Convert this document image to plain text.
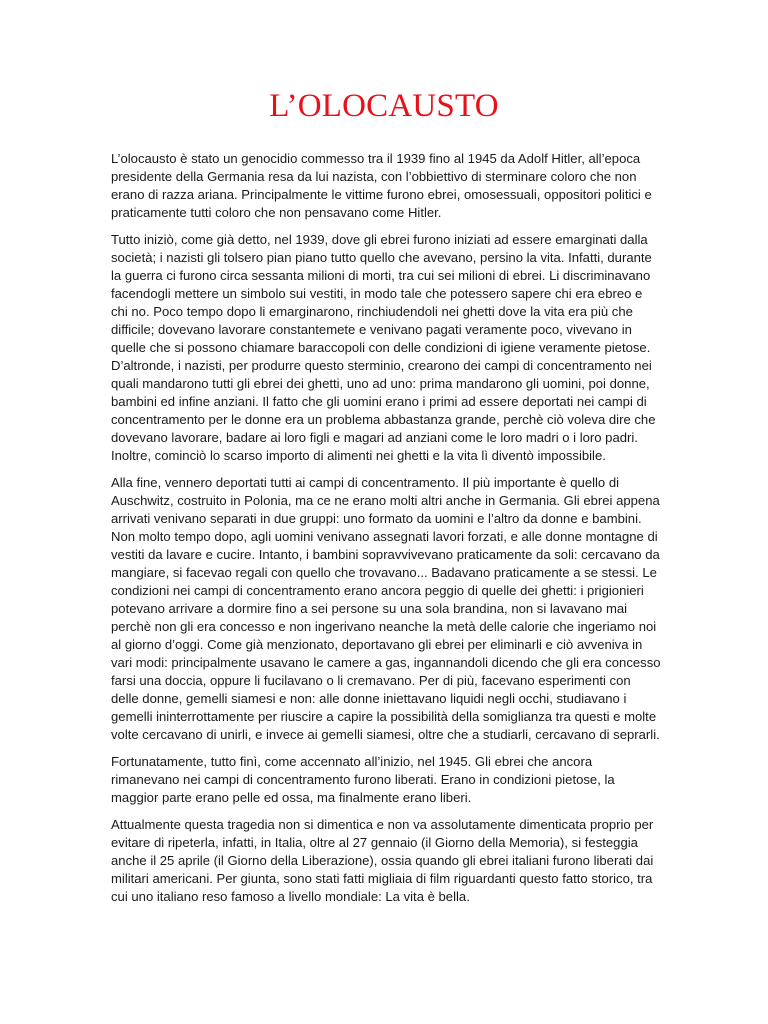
L’OLOCAUSTO

L’olocausto è stato un genocidio commesso tra il 1939 fino al 1945 da Adolf Hitler, all’epoca presidente della Germania resa da lui nazista, con l’obbiettivo di sterminare coloro che non erano di razza ariana. Principalmente le vittime furono ebrei, omosessuali, oppositori politici e praticamente tutti coloro che non pensavano come Hitler.

Tutto iniziò, come già detto, nel 1939, dove gli ebrei furono iniziati ad essere emarginati dalla società; i nazisti gli tolsero pian piano tutto quello che avevano, persino la vita. Infatti, durante la guerra ci furono circa sessanta milioni di morti, tra cui sei milioni di ebrei. Li discriminavano facendogli mettere un simbolo sui vestiti, in modo tale che potessero sapere chi era ebreo e chi no. Poco tempo dopo li emarginarono, rinchiudendoli nei ghetti dove la vita era più che difficile; dovevano lavorare constantemete e venivano pagati veramente poco, vivevano in quelle che si possono chiamare baraccopoli con delle condizioni di igiene veramente pietose. D’altronde, i nazisti, per produrre questo sterminio, crearono dei campi di concentramento nei quali mandarono tutti gli ebrei dei ghetti, uno ad uno: prima mandarono gli uomini, poi donne, bambini ed infine anziani. Il fatto che gli uomini erano i primi ad essere deportati nei campi di concentramento per le donne era un problema abbastanza grande, perchè ciò voleva dire che dovevano lavorare, badare ai loro figli e magari ad anziani come le loro madri o i loro padri. Inoltre, cominciò lo scarso importo di alimenti nei ghetti e la vita lì diventò impossibile.

Alla fine, vennero deportati tutti ai campi di concentramento. Il più importante è quello di Auschwitz, costruito in Polonia, ma ce ne erano molti altri anche in Germania. Gli ebrei appena arrivati venivano separati in due gruppi: uno formato da uomini e l’altro da donne e bambini. Non molto tempo dopo, agli uomini venivano assegnati lavori forzati, e alle donne montagne di vestiti da lavare e cucire. Intanto, i bambini sopravvivevano praticamente da soli: cercavano da mangiare, si facevao regali con quello che trovavano... Badavano praticamente a se stessi. Le condizioni nei campi di concentramento erano ancora peggio di quelle dei ghetti: i prigionieri potevano arrivare a dormire fino a sei persone su una sola brandina, non si lavavano mai perchè non gli era concesso e non ingerivano neanche la metà delle calorie che ingeriamo noi al giorno d’oggi. Come già menzionato, deportavano gli ebrei per eliminarli e ciò avveniva in vari modi: principalmente usavano le camere a gas, ingannandoli dicendo che gli era concesso farsi una doccia, oppure li fucilavano o li cremavano. Per di più, facevano esperimenti con delle donne, gemelli siamesi e non: alle donne iniettavano liquidi negli occhi, studiavano i gemelli ininterrottamente per riuscire a capire la possibilità della somiglianza tra questi e molte volte cercavano di unirli, e invece ai gemelli siamesi, oltre che a studiarli, cercavano di seprarli.

Fortunatamente, tutto finì, come accennato all’inizio, nel 1945. Gli ebrei che ancora rimanevano nei campi di concentramento furono liberati. Erano in condizioni pietose, la maggior parte erano pelle ed ossa, ma finalmente erano liberi.

Attualmente questa tragedia non si dimentica e non va assolutamente dimenticata proprio per evitare di ripeterla, infatti, in Italia, oltre al 27 gennaio (il Giorno della Memoria), si festeggia anche il 25 aprile (il Giorno della Liberazione), ossia quando gli ebrei italiani furono liberati dai militari americani. Per giunta, sono stati fatti migliaia di film riguardanti questo fatto storico, tra cui uno italiano reso famoso a livello mondiale: La vita è bella.
